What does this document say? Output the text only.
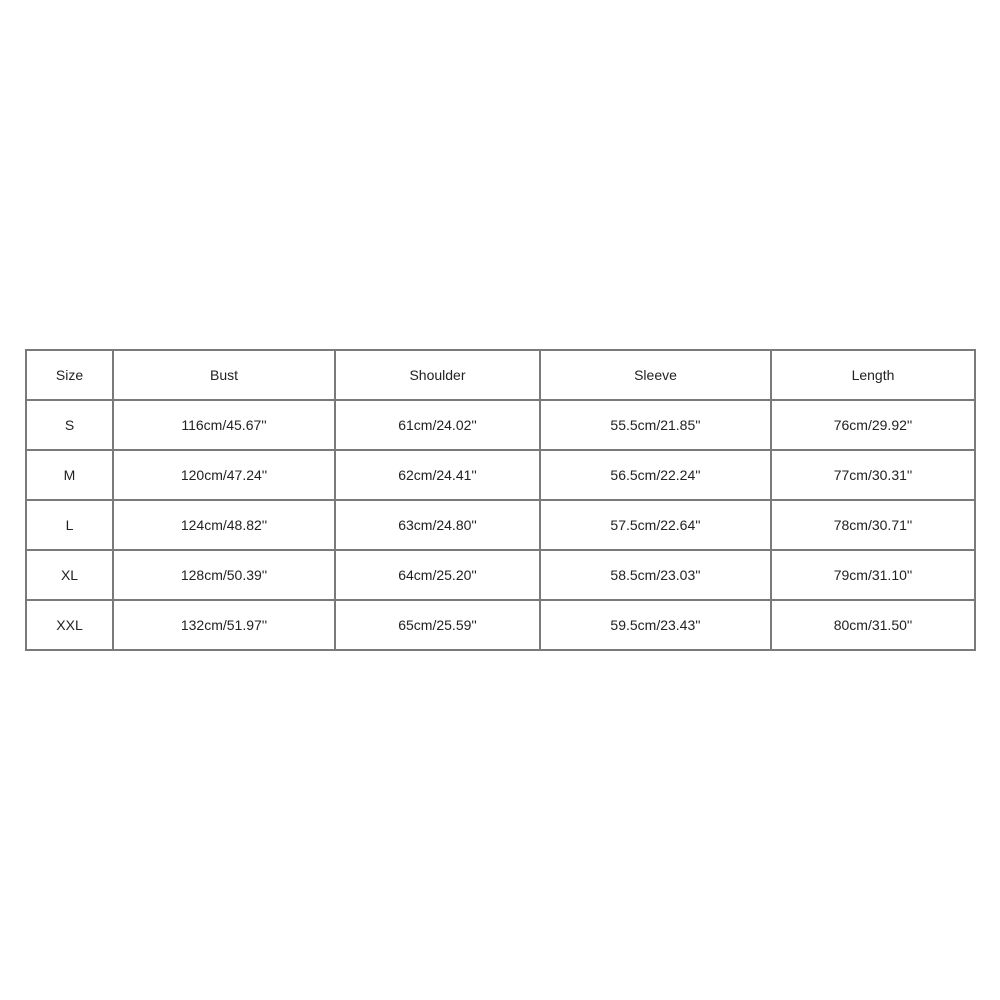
Size	Bust	Shoulder	Sleeve	Length
S	116cm/45.67''	61cm/24.02''	55.5cm/21.85''	76cm/29.92''
M	120cm/47.24''	62cm/24.41''	56.5cm/22.24''	77cm/30.31''
L	124cm/48.82''	63cm/24.80''	57.5cm/22.64''	78cm/30.71''
XL	128cm/50.39''	64cm/25.20''	58.5cm/23.03''	79cm/31.10''
XXL	132cm/51.97''	65cm/25.59''	59.5cm/23.43''	80cm/31.50''
